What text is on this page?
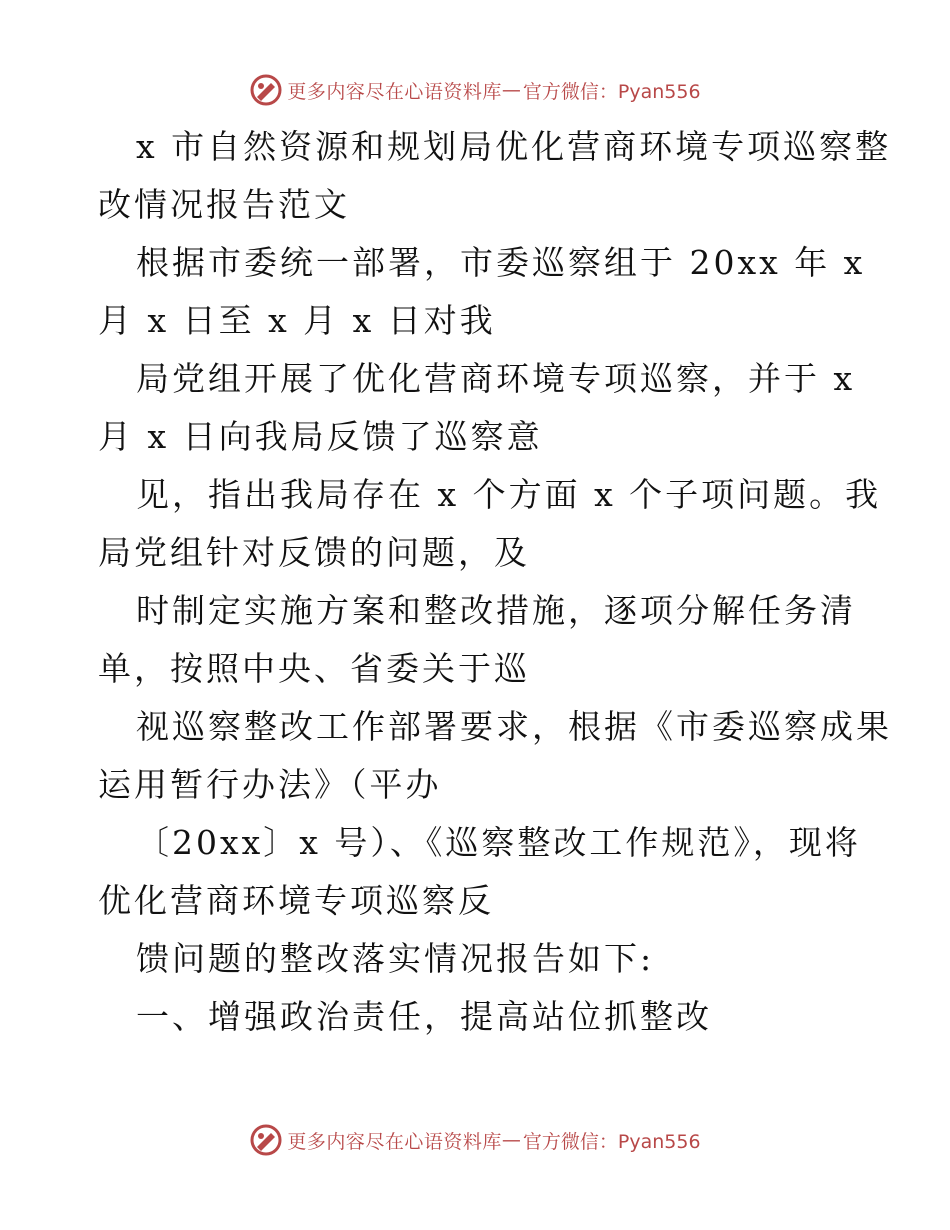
更多内容尽在心语资料库 — 官方微信：Pyan556
x 市自然资源和规划局优化营商环境专项巡察整
改情况报告范文
根据市委统一部署，市委巡察组于 20xx 年 x
月 x 日至 x 月 x 日对我
局党组开展了优化营商环境专项巡察，并于 x
月 x 日向我局反馈了巡察意
见，指出我局存在 x 个方面 x 个子项问题。我
局党组针对反馈的问题，及
时制定实施方案和整改措施，逐项分解任务清
单，按照中央、省委关于巡
视巡察整改工作部署要求，根据《市委巡察成果
运用暂行办法》（平办
〔20xx〕x 号）、《巡察整改工作规范》，现将
优化营商环境专项巡察反
馈问题的整改落实情况报告如下:
一、增强政治责任，提高站位抓整改
更多内容尽在心语资料库 — 官方微信：Pyan556
